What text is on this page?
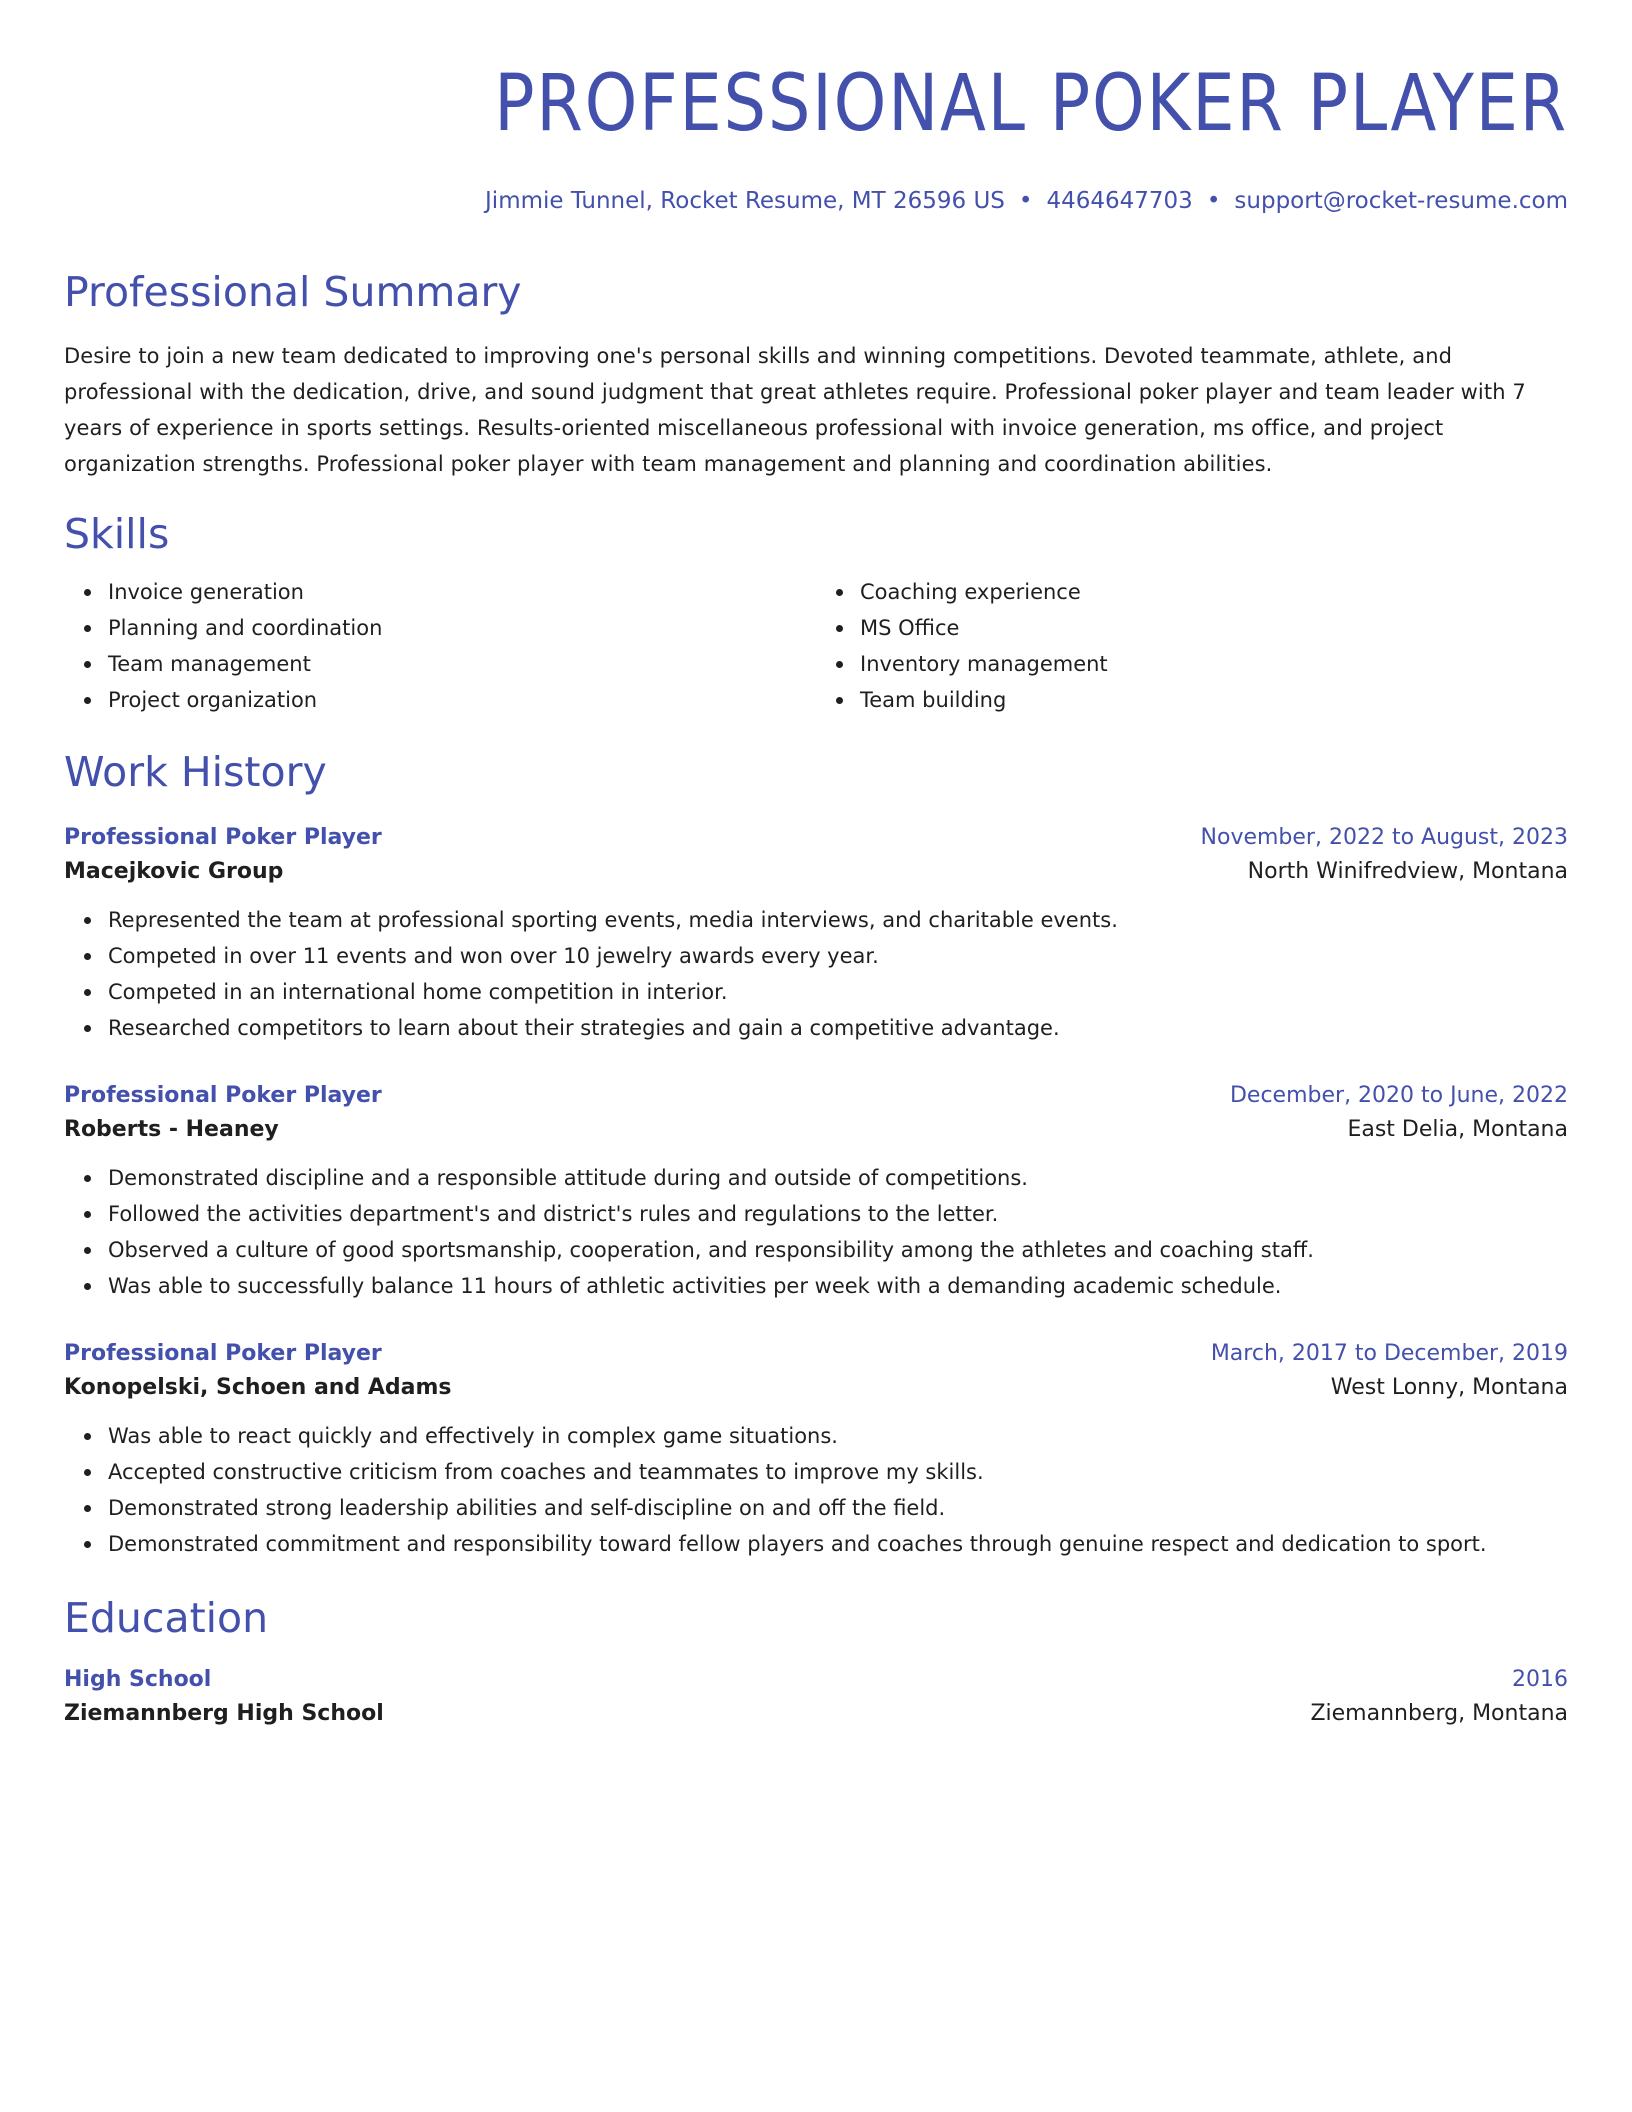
PROFESSIONAL POKER PLAYER
Jimmie Tunnel, Rocket Resume, MT 26596 US • 4464647703 • support@rocket-resume.com
Professional Summary
Desire to join a new team dedicated to improving one's personal skills and winning competitions. Devoted teammate, athlete, and professional with the dedication, drive, and sound judgment that great athletes require. Professional poker player and team leader with 7 years of experience in sports settings. Results-oriented miscellaneous professional with invoice generation, ms office, and project organization strengths. Professional poker player with team management and planning and coordination abilities.
Skills
Invoice generation
Planning and coordination
Team management
Project organization
Coaching experience
MS Office
Inventory management
Team building
Work History
Professional Poker Player	November, 2022 to August, 2023
Macejkovic Group	North Winifredview, Montana
Represented the team at professional sporting events, media interviews, and charitable events.
Competed in over 11 events and won over 10 jewelry awards every year.
Competed in an international home competition in interior.
Researched competitors to learn about their strategies and gain a competitive advantage.
Professional Poker Player	December, 2020 to June, 2022
Roberts - Heaney	East Delia, Montana
Demonstrated discipline and a responsible attitude during and outside of competitions.
Followed the activities department's and district's rules and regulations to the letter.
Observed a culture of good sportsmanship, cooperation, and responsibility among the athletes and coaching staff.
Was able to successfully balance 11 hours of athletic activities per week with a demanding academic schedule.
Professional Poker Player	March, 2017 to December, 2019
Konopelski, Schoen and Adams	West Lonny, Montana
Was able to react quickly and effectively in complex game situations.
Accepted constructive criticism from coaches and teammates to improve my skills.
Demonstrated strong leadership abilities and self-discipline on and off the field.
Demonstrated commitment and responsibility toward fellow players and coaches through genuine respect and dedication to sport.
Education
High School	2016
Ziemannberg High School	Ziemannberg, Montana
